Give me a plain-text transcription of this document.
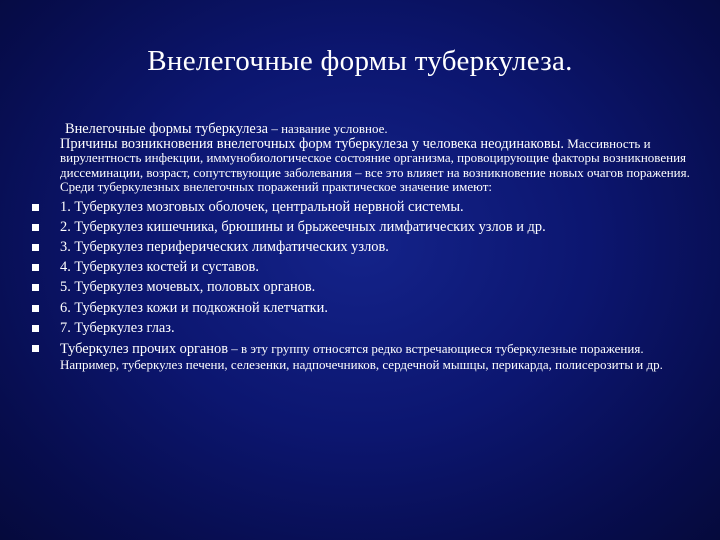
Внелегочные формы туберкулеза.
Внелегочные формы туберкулеза – название условное.
Причины возникновения внелегочных форм туберкулеза у человека неодинаковы. Массивность и вирулентность инфекции, иммунобиологическое состояние организма, провоцирующие факторы возникновения диссеминации, возраст, сопутствующие заболевания – все это влияет на возникновение новых очагов поражения. Среди туберкулезных внелегочных поражений практическое значение имеют:
1. Туберкулез мозговых оболочек, центральной нервной системы.
2. Туберкулез кишечника, брюшины и брыжеечных лимфатических узлов и др.
3. Туберкулез периферических лимфатических узлов.
4. Туберкулез костей и суставов.
5. Туберкулез мочевых, половых органов.
6. Туберкулез кожи и подкожной клетчатки.
7. Туберкулез глаз.
Туберкулез прочих органов – в эту группу относятся редко встречающиеся туберкулезные поражения. Например, туберкулез печени, селезенки, надпочечников, сердечной мышцы, перикарда, полисерозиты и др.
